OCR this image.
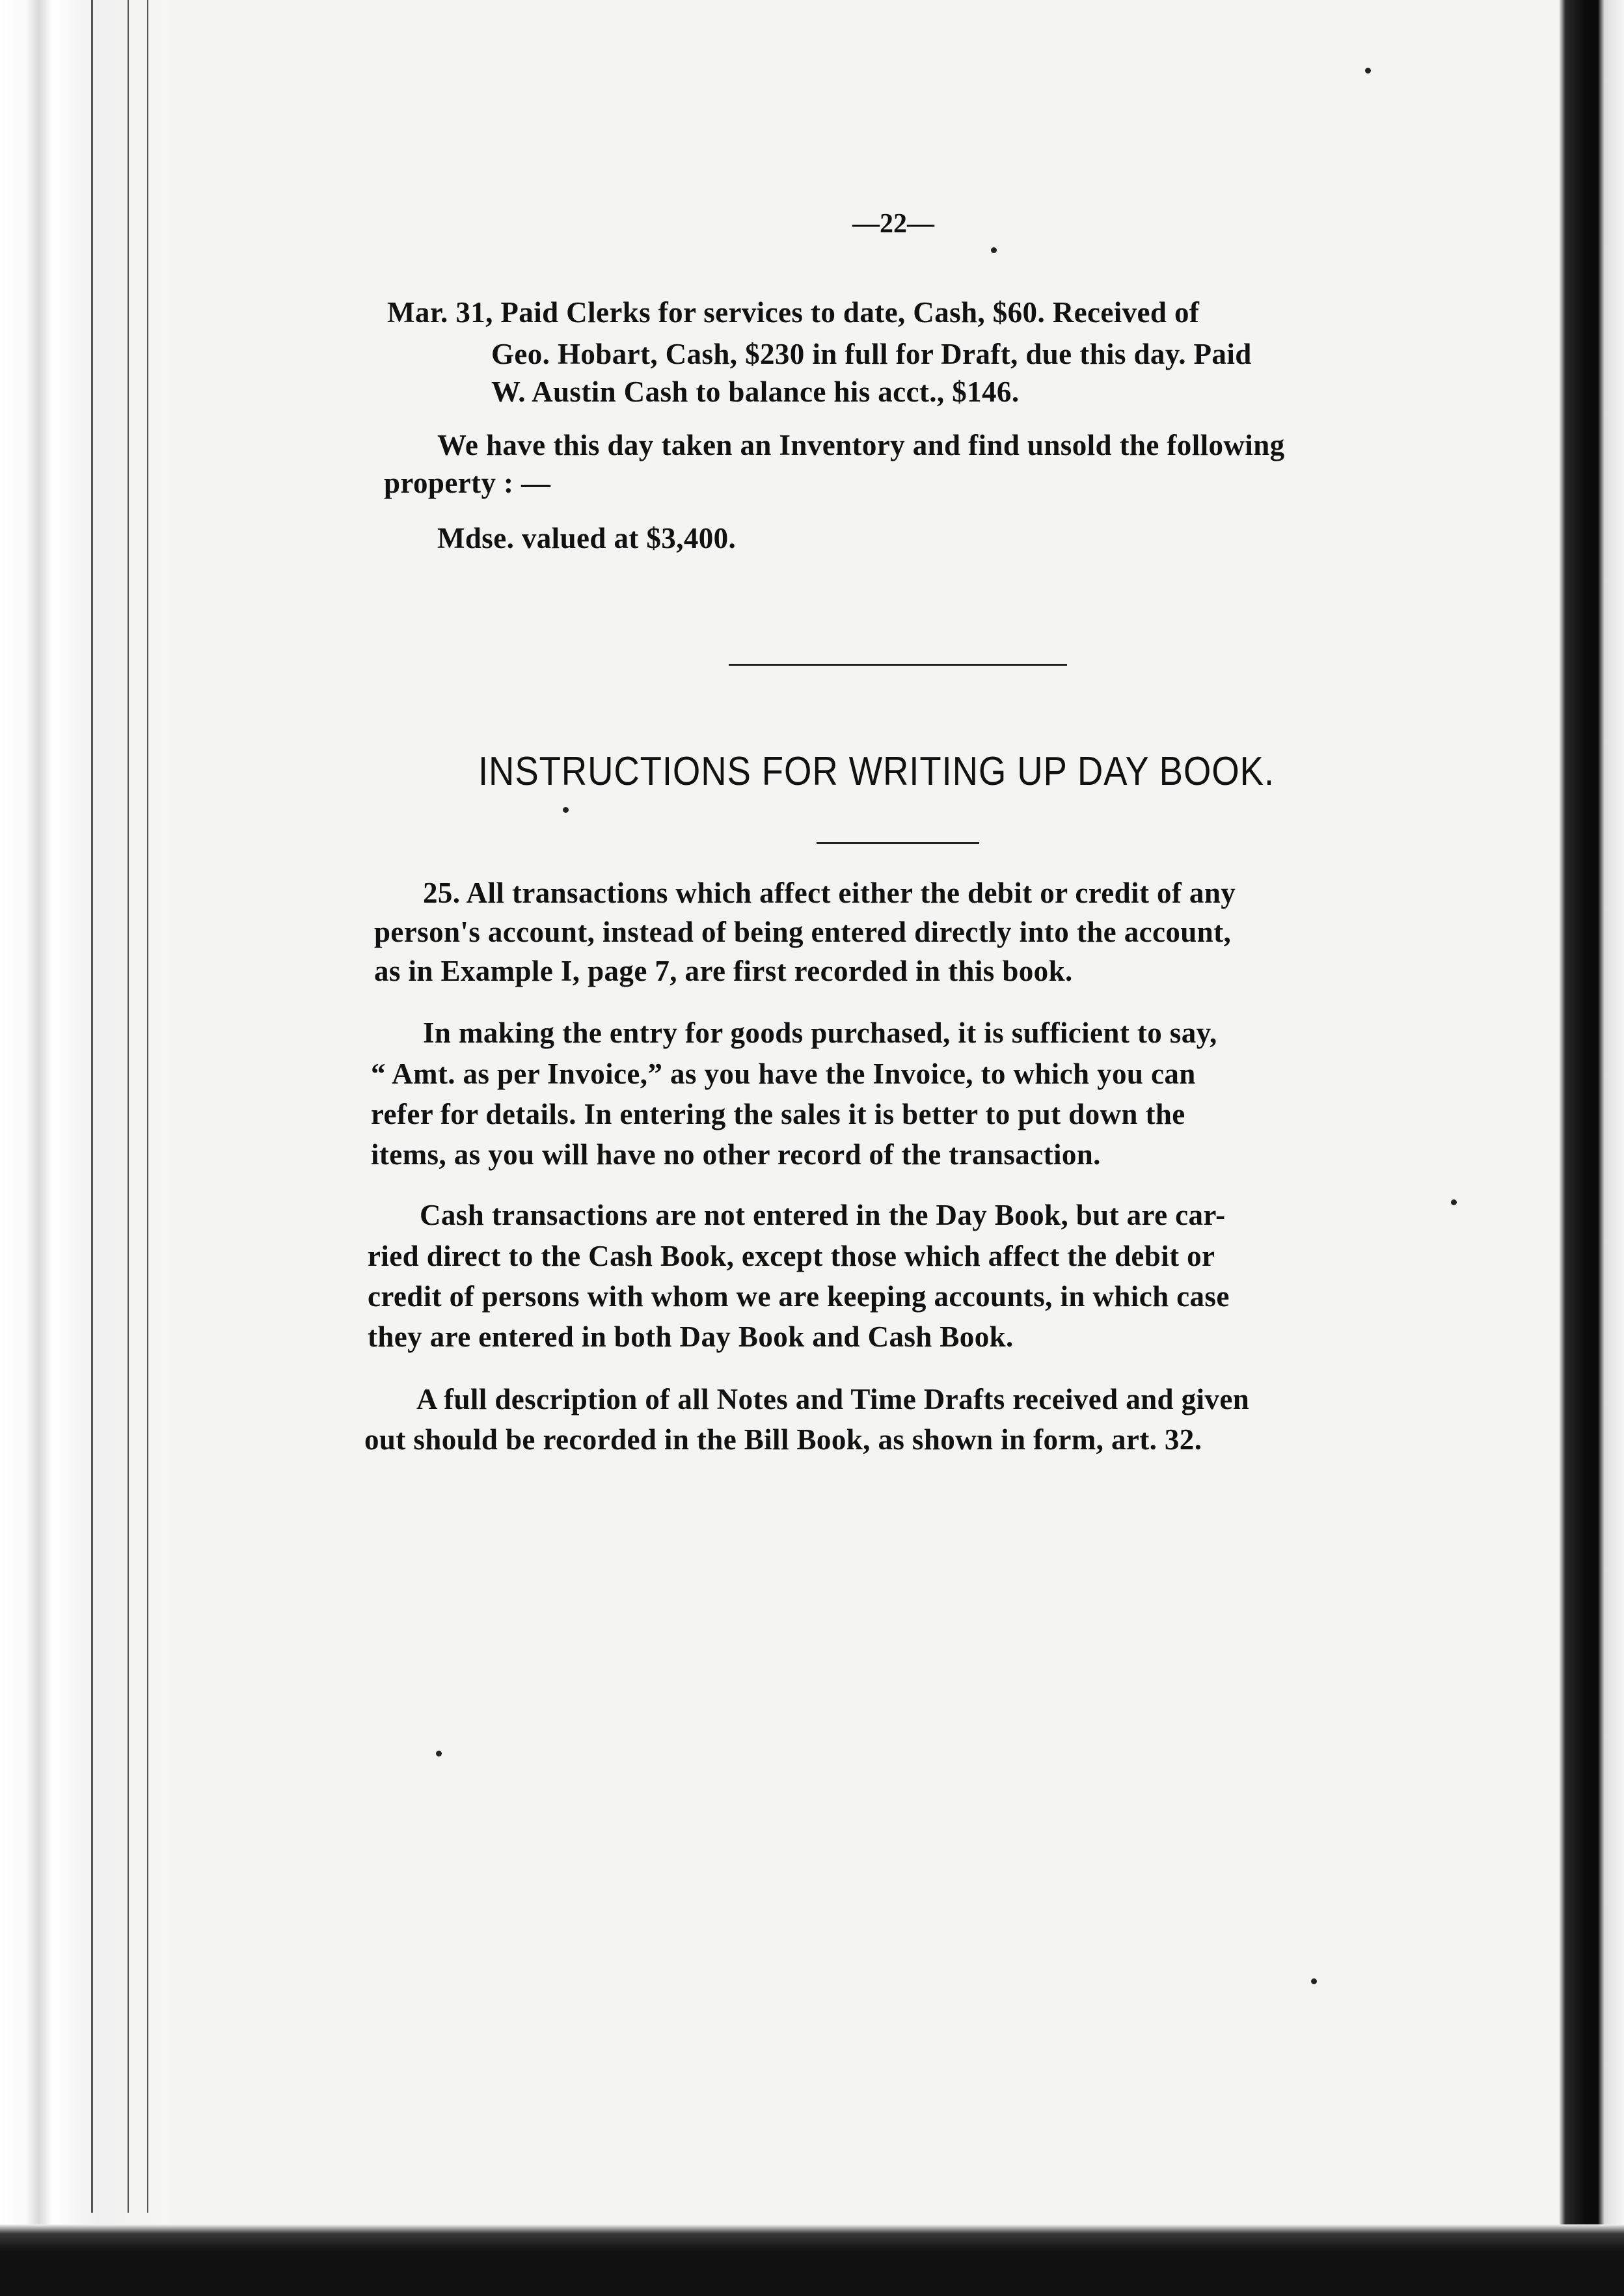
—22—
Mar. 31, Paid Clerks for services to date, Cash, $60. Received of
Geo. Hobart, Cash, $230 in full for Draft, due this day. Paid
W. Austin Cash to balance his acct., $146.
We have this day taken an Inventory and find unsold the following
property : —
Mdse. valued at $3,400.
INSTRUCTIONS FOR WRITING UP DAY BOOK.
25. All transactions which affect either the debit or credit of any
person's account, instead of being entered directly into the account,
as in Example I, page 7, are first recorded in this book.
In making the entry for goods purchased, it is sufficient to say,
“ Amt. as per Invoice,” as you have the Invoice, to which you can
refer for details. In entering the sales it is better to put down the
items, as you will have no other record of the transaction.
Cash transactions are not entered in the Day Book, but are car-
ried direct to the Cash Book, except those which affect the debit or
credit of persons with whom we are keeping accounts, in which case
they are entered in both Day Book and Cash Book.
A full description of all Notes and Time Drafts received and given
out should be recorded in the Bill Book, as shown in form, art. 32.
